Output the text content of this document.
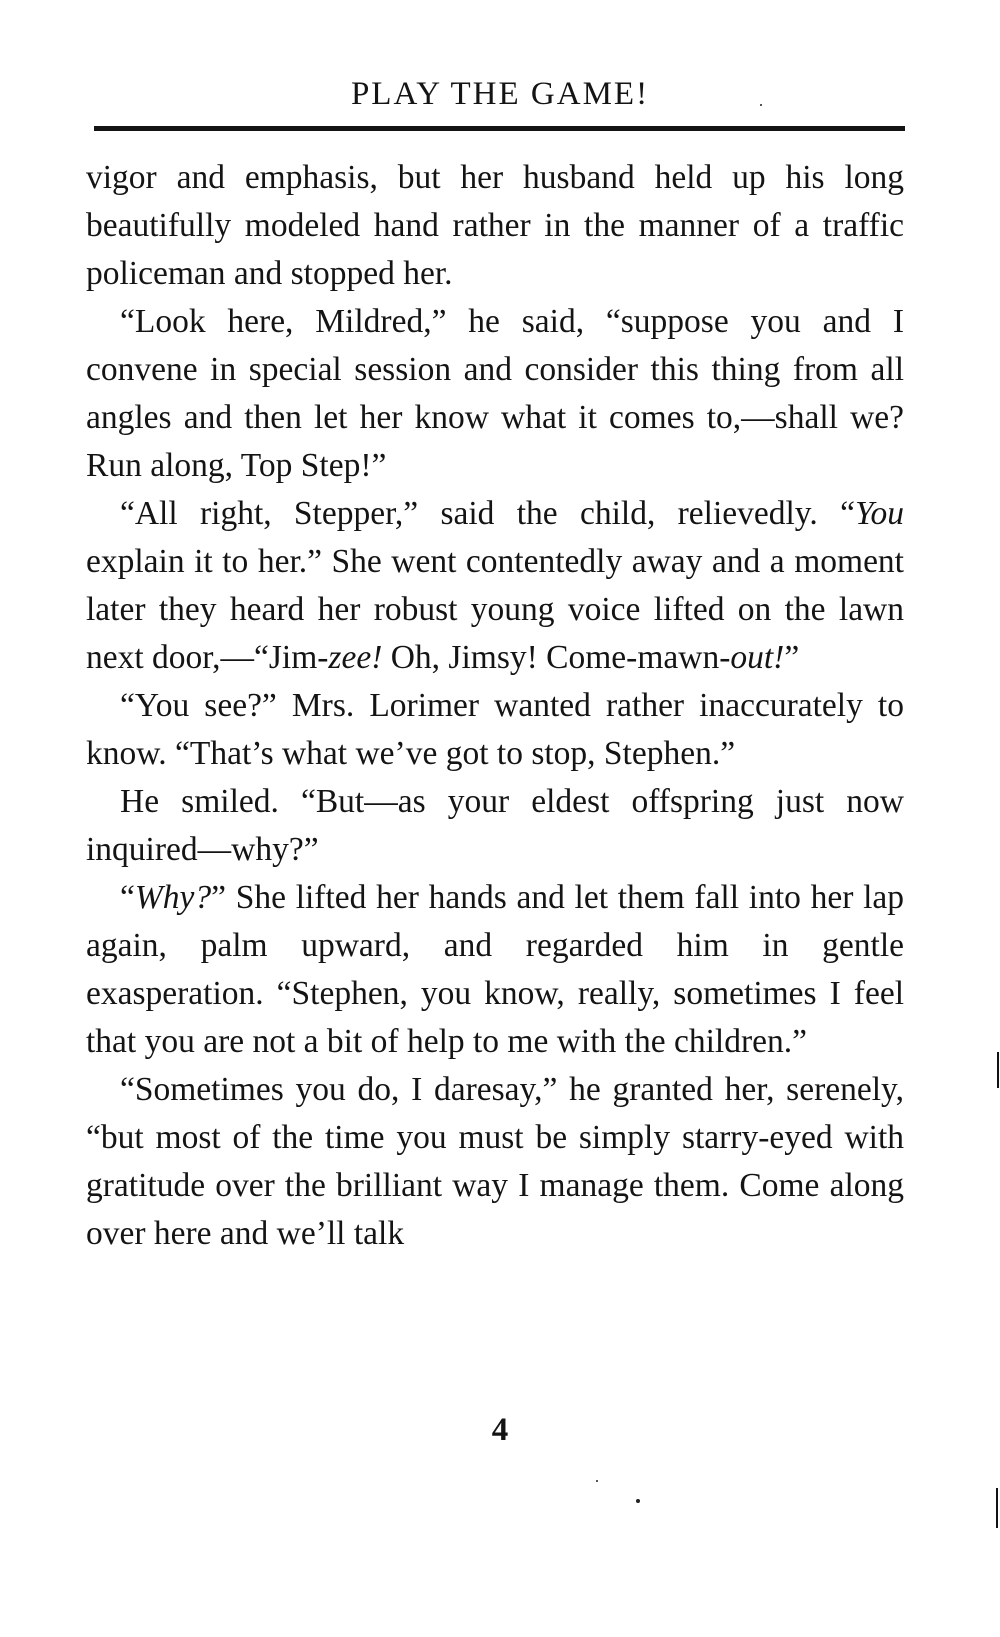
PLAY THE GAME!

vigor and emphasis, but her husband held up his long beautifully modeled hand rather in the manner of a traffic policeman and stopped her.

“Look here, Mildred,” he said, “suppose you and I convene in special session and consider this thing from all angles and then let her know what it comes to,—shall we? Run along, Top Step!”

“All right, Stepper,” said the child, relievedly. “You explain it to her.” She went contentedly away and a moment later they heard her robust young voice lifted on the lawn next door,—“Jim-zee! Oh, Jimsy! Come-mawn-out!”

“You see?” Mrs. Lorimer wanted rather inaccurately to know. “That’s what we’ve got to stop, Stephen.”

He smiled. “But—as your eldest offspring just now inquired—why?”

“Why?” She lifted her hands and let them fall into her lap again, palm upward, and regarded him in gentle exasperation. “Stephen, you know, really, sometimes I feel that you are not a bit of help to me with the children.”

“Sometimes you do, I daresay,” he granted her, serenely, “but most of the time you must be simply starry-eyed with gratitude over the brilliant way I manage them. Come along over here and we’ll talk

4
